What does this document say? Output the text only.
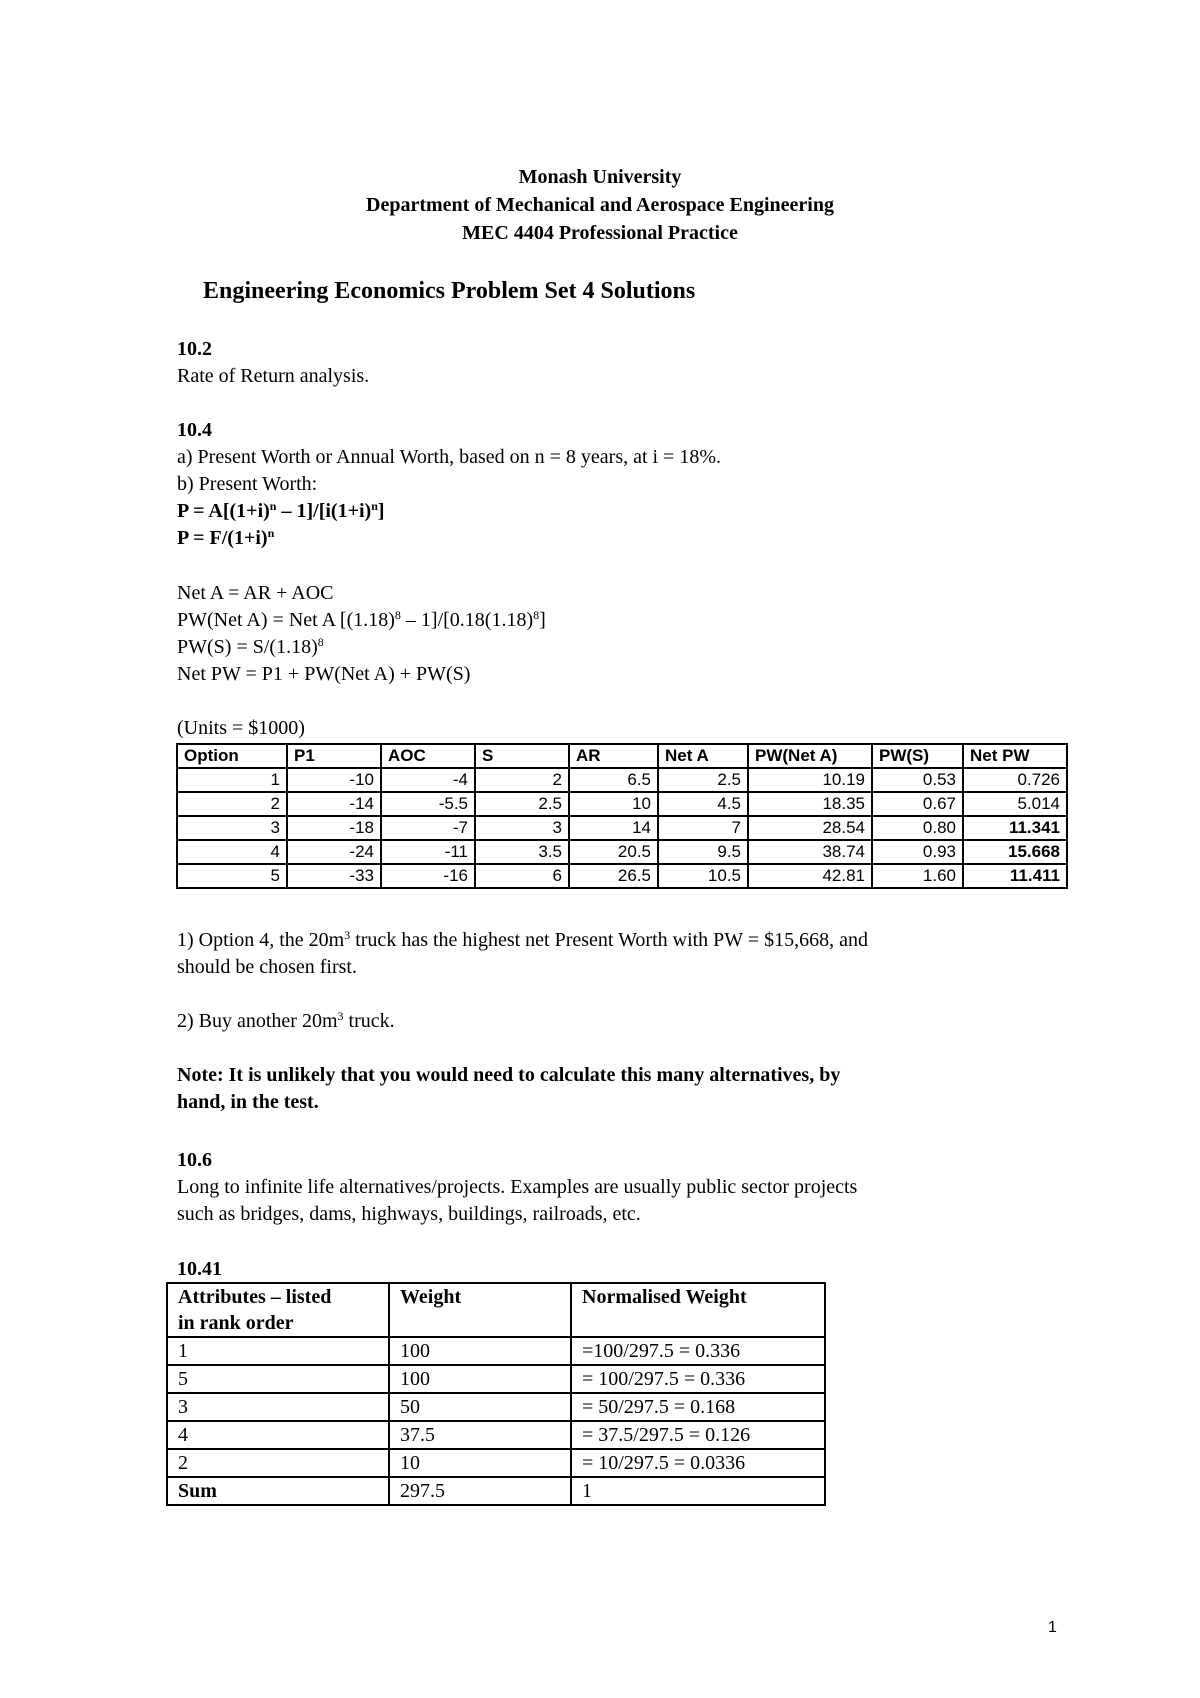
Monash University
Department of Mechanical and Aerospace Engineering
MEC 4404 Professional Practice
Engineering Economics Problem Set 4 Solutions
10.2
Rate of Return analysis.
10.4
a) Present Worth or Annual Worth, based on n = 8 years, at i = 18%.
b) Present Worth:
$P = A[(1+i)^n - 1]/[i(1+i)^n]$
$P = F/(1+i)^n$
Net A = AR + AOC
PW(Net A) = Net A $[(1.18)^8 - 1]/[0.18(1.18)^8]$
$PW(S) = S/(1.18)^8$
Net PW = P1 + PW(Net A) + PW(S)
(Units = $1000)
Option	P1	AOC	S	AR	Net A	PW(Net A)	PW(S)	Net PW
1	-10	-4	2	6.5	2.5	10.19	0.53	0.726
2	-14	-5.5	2.5	10	4.5	18.35	0.67	5.014
3	-18	-7	3	14	7	28.54	0.80	11.341
4	-24	-11	3.5	20.5	9.5	38.74	0.93	15.668
5	-33	-16	6	26.5	10.5	42.81	1.60	11.411
1) Option 4, the $20m^3$ truck has the highest net Present Worth with PW = $15,668, and
should be chosen first.
2) Buy another $20m^3$ truck.
Note: It is unlikely that you would need to calculate this many alternatives, by
hand, in the test.
10.6
Long to infinite life alternatives/projects. Examples are usually public sector projects
such as bridges, dams, highways, buildings, railroads, etc.
10.41
Attributes – listed
in rank order	Weight	Normalised Weight
1	100	=100/297.5 = 0.336
5	100	= 100/297.5 = 0.336
3	50	= 50/297.5 = 0.168
4	37.5	= 37.5/297.5 = 0.126
2	10	= 10/297.5 = 0.0336
Sum	297.5	1
1
